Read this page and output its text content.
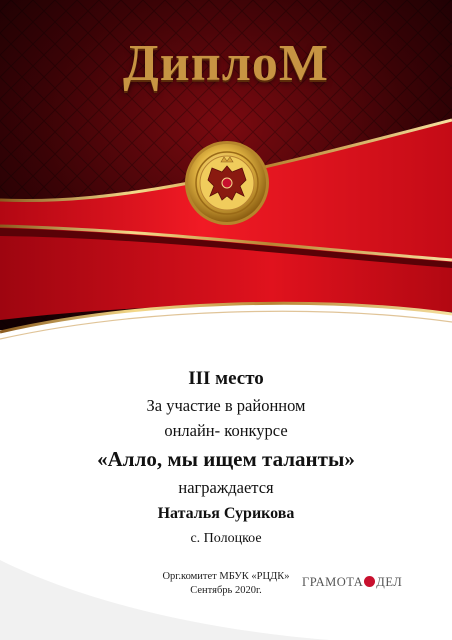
ДиплоМ
III место
За участие в районном
онлайн- конкурсе
«Алло, мы ищем таланты»
награждается
Наталья Сурикова
с. Полоцкое
Орг.комитет МБУК «РЦДК»
Сентябрь 2020г.
ГРАМОТА ДЕЛ
